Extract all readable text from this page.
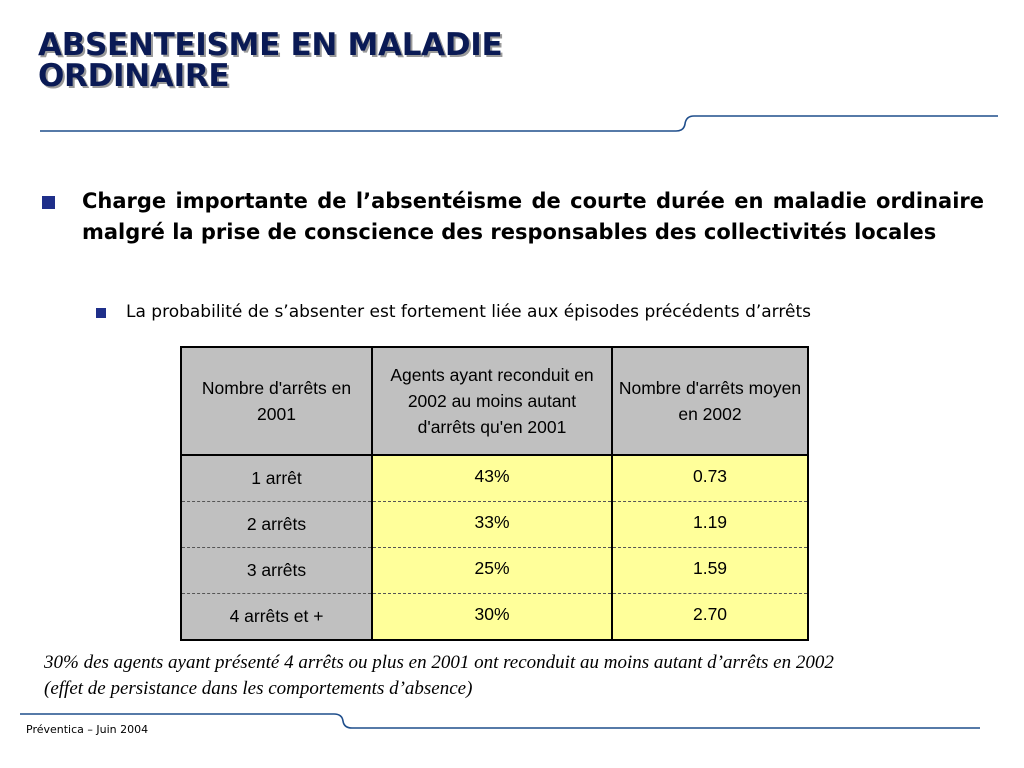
ABSENTEISME EN MALADIE
ORDINAIRE
Charge importante de l’absentéisme de courte durée en maladie ordinaire malgré la prise de conscience des responsables des collectivités locales
La probabilité de s’absenter est fortement liée aux épisodes précédents d’arrêts
Nombre d'arrêts en 2001	Agents ayant reconduit en 2002 au moins autant d'arrêts qu'en 2001	Nombre d'arrêts moyen en 2002
1 arrêt	43%	0.73
2 arrêts	33%	1.19
3 arrêts	25%	1.59
4 arrêts et +	30%	2.70
30% des agents ayant présenté 4 arrêts ou plus en 2001 ont reconduit au moins autant d’arrêts en 2002
(effet de persistance dans les comportements d’absence)
Préventica – Juin 2004
